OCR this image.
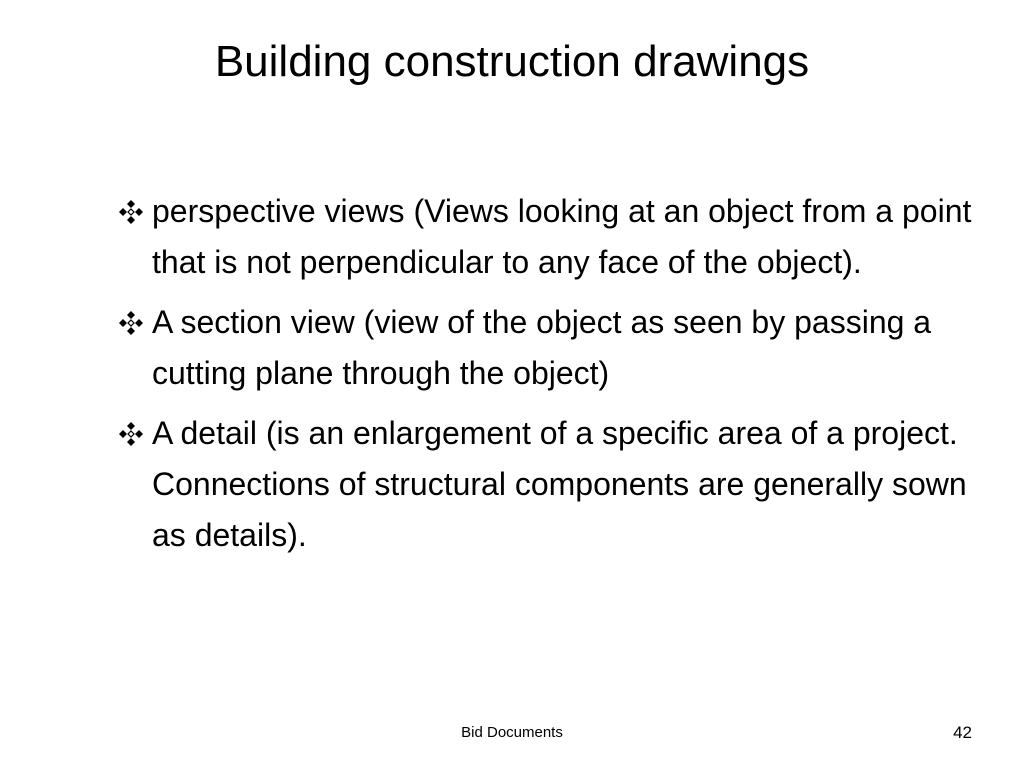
Building construction drawings
perspective views (Views looking at an object from a point that is not perpendicular to any face of the object).
A section view (view of the object as seen by passing a cutting plane through the object)
A detail (is an enlargement of a specific area of a project. Connections of structural components are generally sown as details).
Bid Documents	42
